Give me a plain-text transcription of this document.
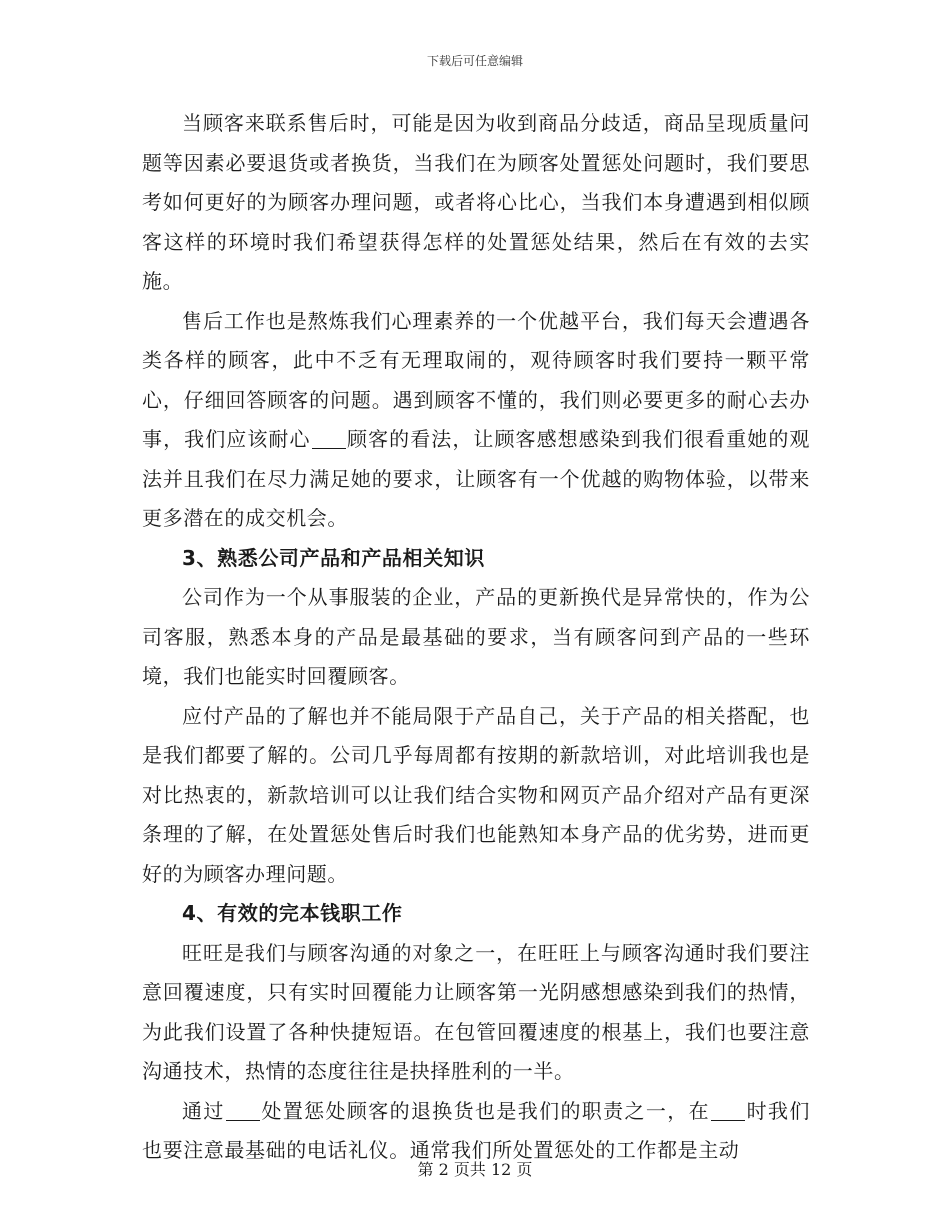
下载后可任意编辑

当顾客来联系售后时，可能是因为收到商品分歧适，商品呈现质量问题等因素必要退货或者换货，当我们在为顾客处置惩处问题时，我们要思考如何更好的为顾客办理问题，或者将心比心，当我们本身遭遇到相似顾客这样的环境时我们希望获得怎样的处置惩处结果，然后在有效的去实施。

售后工作也是熬炼我们心理素养的一个优越平台，我们每天会遭遇各类各样的顾客，此中不乏有无理取闹的，观待顾客时我们要持一颗平常心，仔细回答顾客的问题。遇到顾客不懂的，我们则必要更多的耐心去办事，我们应该耐心 顾客的看法，让顾客感想感染到我们很看重她的观法并且我们在尽力满足她的要求，让顾客有一个优越的购物体验，以带来更多潜在的成交机会。

3、熟悉公司产品和产品相关知识

公司作为一个从事服装的企业，产品的更新换代是异常快的，作为公司客服，熟悉本身的产品是最基础的要求，当有顾客问到产品的一些环境，我们也能实时回覆顾客。

应付产品的了解也并不能局限于产品自己，关于产品的相关搭配，也是我们都要了解的。公司几乎每周都有按期的新款培训，对此培训我也是对比热衷的，新款培训可以让我们结合实物和网页产品介绍对产品有更深条理的了解，在处置惩处售后时我们也能熟知本身产品的优劣势，进而更好的为顾客办理问题。

4、有效的完本钱职工作

旺旺是我们与顾客沟通的对象之一，在旺旺上与顾客沟通时我们要注意回覆速度，只有实时回覆能力让顾客第一光阴感想感染到我们的热情，为此我们设置了各种快捷短语。在包管回覆速度的根基上，我们也要注意沟通技术，热情的态度往往是抉择胜利的一半。

通过 处置惩处顾客的退换货也是我们的职责之一，在 时我们也要注意最基础的电话礼仪。通常我们所处置惩处的工作都是主动

第 2 页共 12 页
